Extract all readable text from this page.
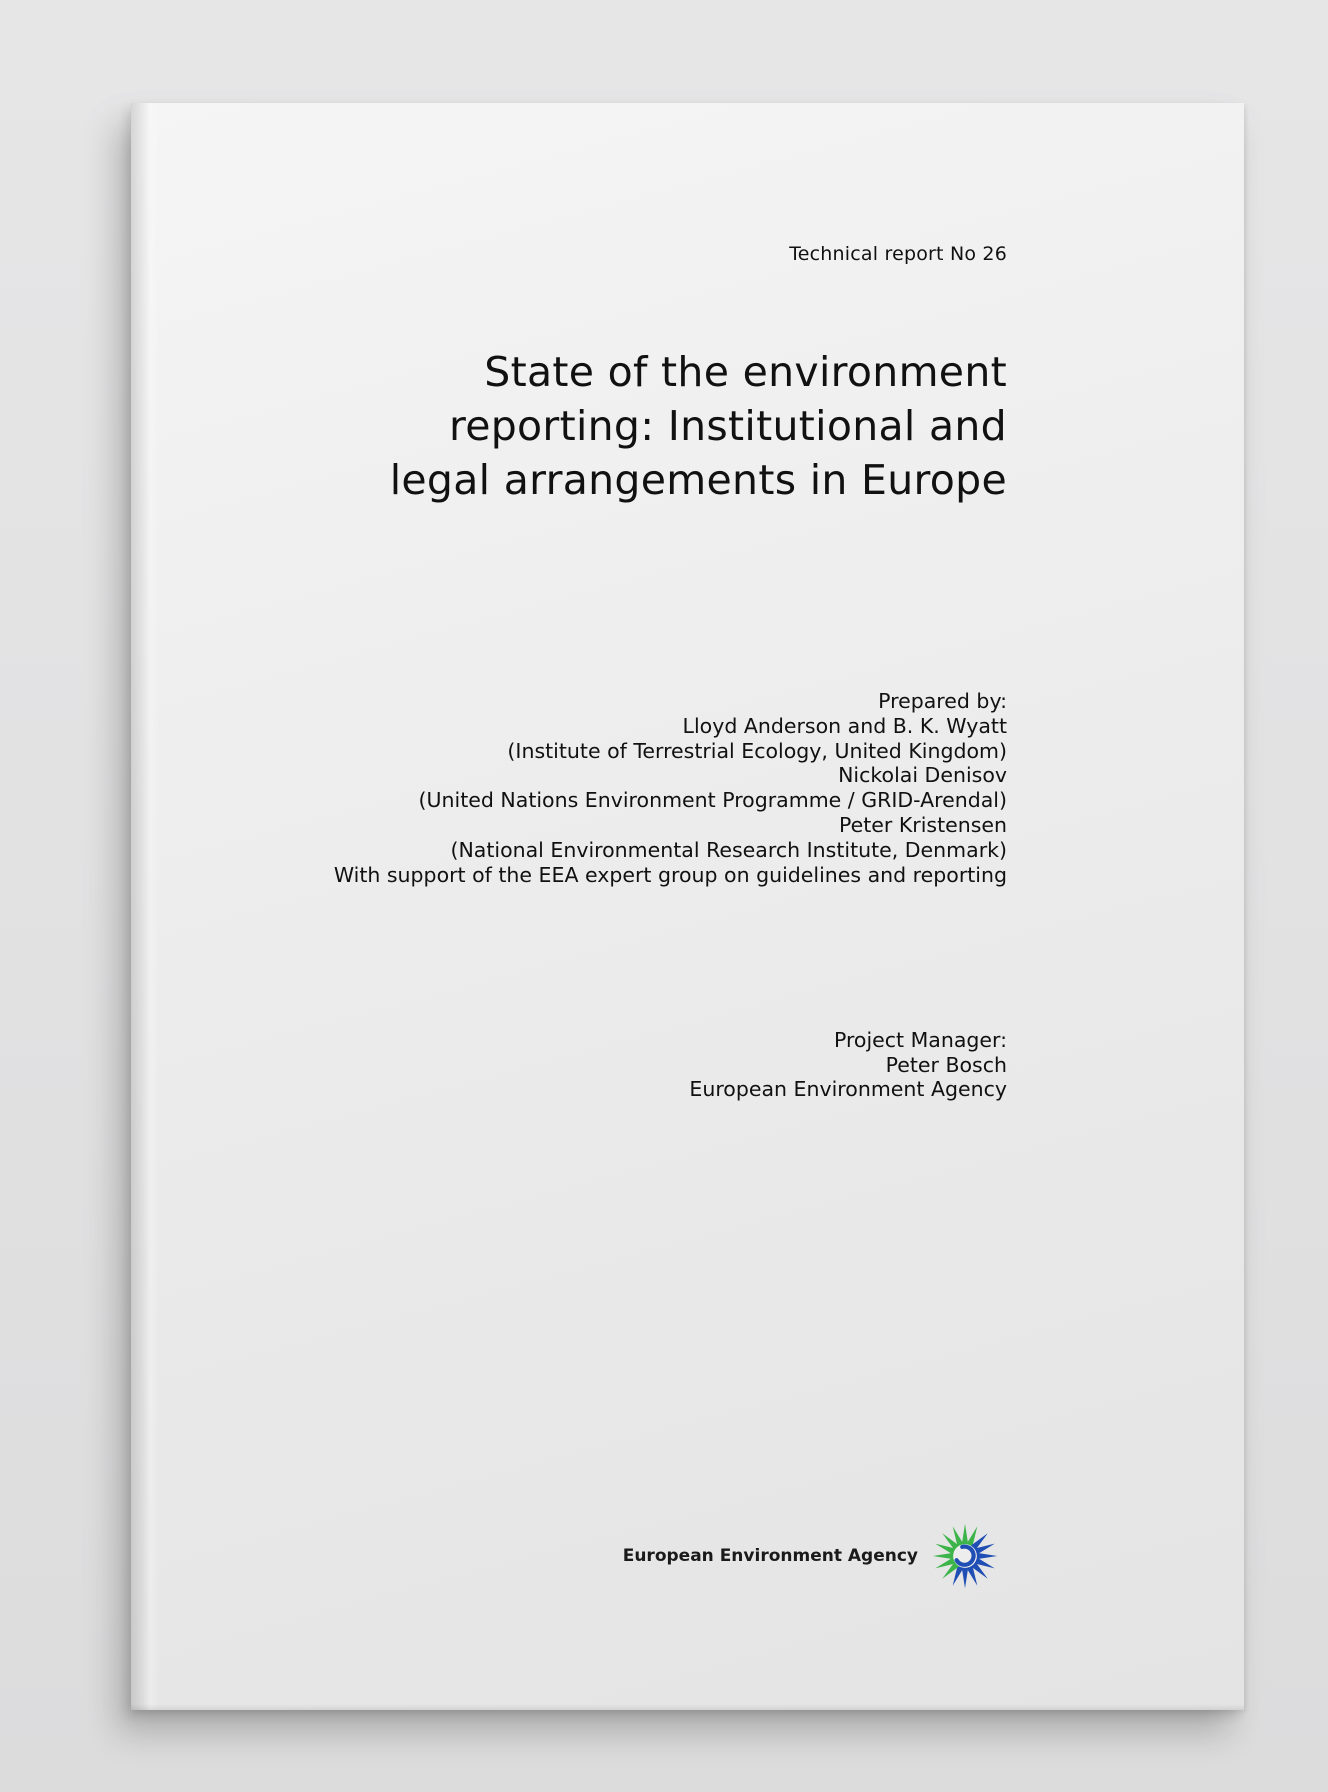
Technical report No 26
State of the environment
reporting: Institutional and
legal arrangements in Europe
Prepared by:
Lloyd Anderson and B. K. Wyatt
(Institute of Terrestrial Ecology, United Kingdom)
Nickolai Denisov
(United Nations Environment Programme / GRID-Arendal)
Peter Kristensen
(National Environmental Research Institute, Denmark)
With support of the EEA expert group on guidelines and reporting
Project Manager:
Peter Bosch
European Environment Agency
European Environment Agency
